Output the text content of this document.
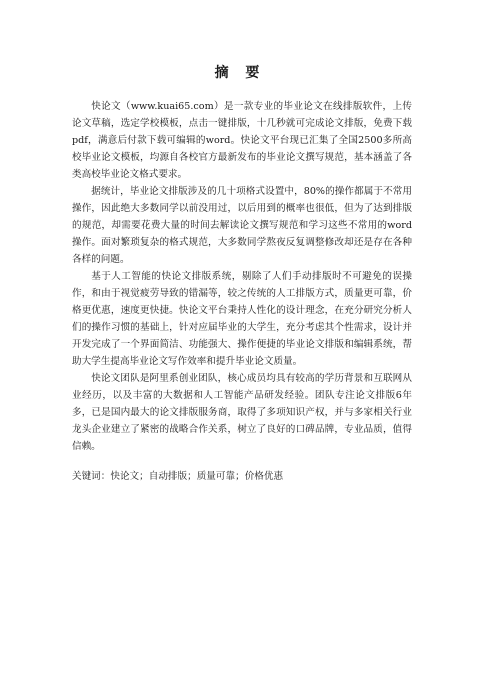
摘 要

快论文（www.kuai65.com）是一款专业的毕业论文在线排版软件，上传论文草稿，选定学校模板，点击一键排版，十几秒就可完成论文排版，免费下载pdf，满意后付款下载可编辑的word。快论文平台现已汇集了全国2500多所高校毕业论文模板，均源自各校官方最新发布的毕业论文撰写规范，基本涵盖了各类高校毕业论文格式要求。

据统计，毕业论文排版涉及的几十项格式设置中，80%的操作都属于不常用操作，因此绝大多数同学以前没用过，以后用到的概率也很低，但为了达到排版的规范，却需要花费大量的时间去解读论文撰写规范和学习这些不常用的word操作。面对繁琐复杂的格式规范，大多数同学熬夜反复调整修改却还是存在各种各样的问题。

基于人工智能的快论文排版系统，剔除了人们手动排版时不可避免的误操作，和由于视觉疲劳导致的错漏等，较之传统的人工排版方式，质量更可靠，价格更优惠，速度更快捷。快论文平台秉持人性化的设计理念，在充分研究分析人们的操作习惯的基础上，针对应届毕业的大学生，充分考虑其个性需求，设计并开发完成了一个界面简洁、功能强大、操作便捷的毕业论文排版和编辑系统，帮助大学生提高毕业论文写作效率和提升毕业论文质量。

快论文团队是阿里系创业团队，核心成员均具有较高的学历背景和互联网从业经历，以及丰富的大数据和人工智能产品研发经验。团队专注论文排版6年多，已是国内最大的论文排版服务商，取得了多项知识产权，并与多家相关行业龙头企业建立了紧密的战略合作关系，树立了良好的口碑品牌，专业品质，值得信赖。

关键词：快论文 ； 自动排版 ； 质量可靠 ； 价格优惠
